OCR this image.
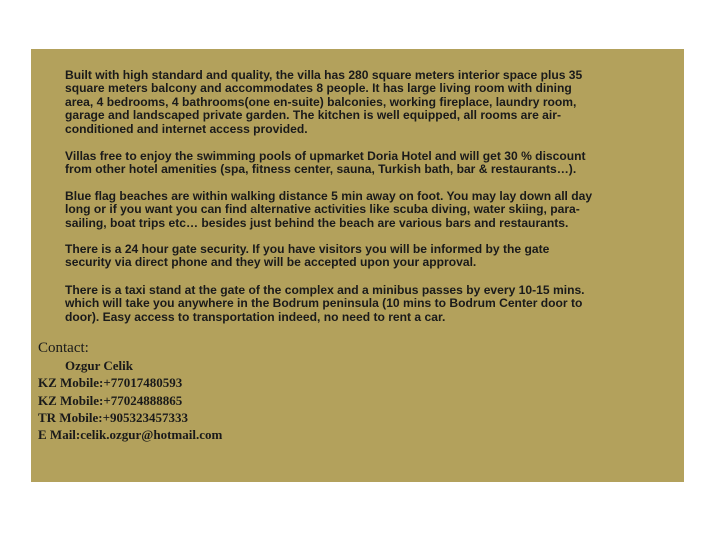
Built with high standard and quality, the villa has 280 square meters interior space plus 35
square meters balcony and accommodates 8 people. It has large living room with dining
area, 4 bedrooms, 4 bathrooms(one en-suite) balconies, working fireplace, laundry room,
garage and landscaped private garden. The kitchen is well equipped, all rooms are air-
conditioned and internet access provided.

Villas free to enjoy the swimming pools of upmarket Doria Hotel and will get 30 % discount
from other hotel amenities (spa, fitness center, sauna, Turkish bath, bar & restaurants…).

Blue flag beaches are within walking distance 5 min away on foot. You may lay down all day
long or if you want you can find alternative activities like scuba diving, water skiing, para-
sailing, boat trips etc… besides just behind the beach are various bars and restaurants.

There is a 24 hour gate security. If you have visitors you will be informed by the gate
security via direct phone and they will be accepted upon your approval.

There is a taxi stand at the gate of the complex and a minibus passes by every 10-15 mins.
which will take you anywhere in the Bodrum peninsula (10 mins to Bodrum Center door to
door). Easy access to transportation indeed, no need to rent a car.

Contact:
Ozgur Celik
KZ Mobile:+77017480593
KZ Mobile:+77024888865
TR Mobile:+905323457333
E Mail:celik.ozgur@hotmail.com
